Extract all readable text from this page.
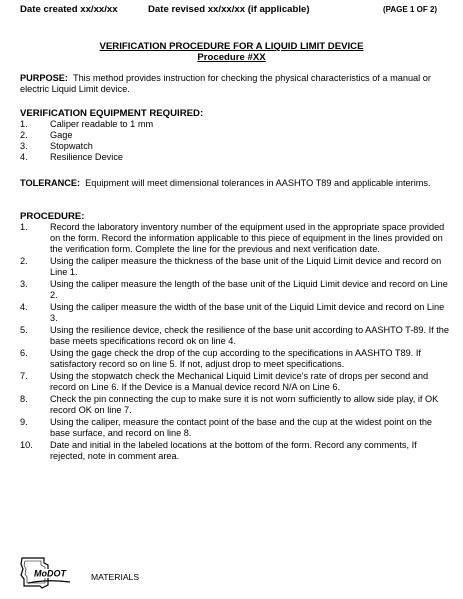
Date created xx/xx/xx	Date revised xx/xx/xx (if applicable)	(PAGE 1 OF 2)
VERIFICATION PROCEDURE FOR A LIQUID LIMIT DEVICE
Procedure #XX
PURPOSE: This method provides instruction for checking the physical characteristics of a manual or electric Liquid Limit device.
VERIFICATION EQUIPMENT REQUIRED:
1.	Caliper readable to 1 mm
2.	Gage
3.	Stopwatch
4.	Resilience Device
TOLERANCE: Equipment will meet dimensional tolerances in AASHTO T89 and applicable interims.
PROCEDURE:
1.	Record the laboratory inventory number of the equipment used in the appropriate space provided on the form. Record the information applicable to this piece of equipment in the lines provided on the verification form. Complete the line for the previous and next verification date.
2.	Using the caliper measure the thickness of the base unit of the Liquid Limit device and record on Line 1.
3.	Using the caliper measure the length of the base unit of the Liquid Limit device and record on Line 2.
4.	Using the caliper measure the width of the base unit of the Liquid Limit device and record on Line 3.
5.	Using the resilience device, check the resilience of the base unit according to AASHTO T-89. If the base meets specifications record ok on line 4.
6.	Using the gage check the drop of the cup according to the specifications in AASHTO T89. If satisfactory record so on line 5. If not, adjust drop to meet specifications.
7.	Using the stopwatch check the Mechanical Liquid Limit device's rate of drops per second and record on Line 6. If the Device is a Manual device record N/A on Line 6.
8.	Check the pin connecting the cup to make sure it is not worn sufficiently to allow side play, if OK record OK on line 7.
9.	Using the caliper, measure the contact point of the base and the cup at the widest point on the base surface, and record on line 8.
10.	Date and initial in the labeled locations at the bottom of the form. Record any comments, If rejected, note in comment area.
MoDOT	MATERIALS
